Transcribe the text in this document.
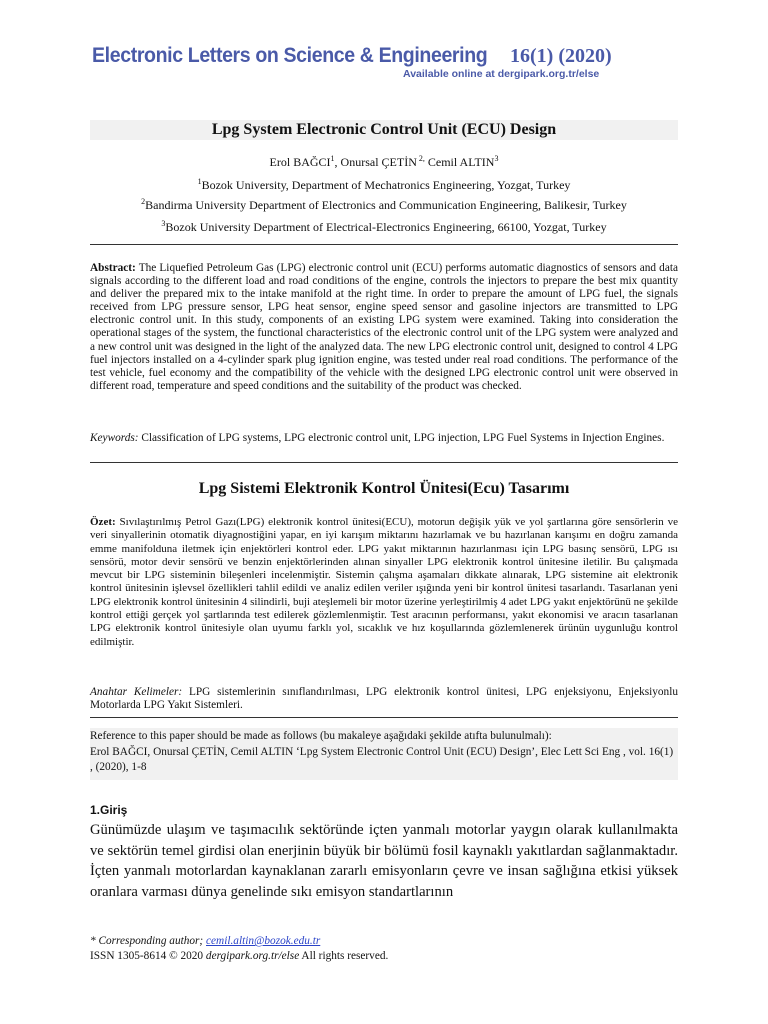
Electronic Letters on Science & Engineering 16(1) (2020)
Available online at dergipark.org.tr/else
Lpg System Electronic Control Unit (ECU) Design
Erol BAĞCI$^1$, Onursal ÇETİN $^{2,}$ Cemil ALTIN$^3$
$^1$Bozok University, Department of Mechatronics Engineering, Yozgat, Turkey
$^2$Bandirma University Department of Electronics and Communication Engineering, Balikesir, Turkey
$^3$Bozok University Department of Electrical-Electronics Engineering, 66100, Yozgat, Turkey
Abstract: The Liquefied Petroleum Gas (LPG) electronic control unit (ECU) performs automatic diagnostics of sensors and data signals according to the different load and road conditions of the engine, controls the injectors to prepare the best mix quantity and deliver the prepared mix to the intake manifold at the right time. In order to prepare the amount of LPG fuel, the signals received from LPG pressure sensor, LPG heat sensor, engine speed sensor and gasoline injectors are transmitted to LPG electronic control unit. In this study, components of an existing LPG system were examined. Taking into consideration the operational stages of the system, the functional characteristics of the electronic control unit of the LPG system were analyzed and a new control unit was designed in the light of the analyzed data. The new LPG electronic control unit, designed to control 4 LPG fuel injectors installed on a 4-cylinder spark plug ignition engine, was tested under real road conditions. The performance of the test vehicle, fuel economy and the compatibility of the vehicle with the designed LPG electronic control unit were observed in different road, temperature and speed conditions and the suitability of the product was checked.
Keywords: Classification of LPG systems, LPG electronic control unit, LPG injection, LPG Fuel Systems in Injection Engines.
Lpg Sistemi Elektronik Kontrol Ünitesi(Ecu) Tasarımı
Özet: Sıvılaştırılmış Petrol Gazı(LPG) elektronik kontrol ünitesi(ECU), motorun değişik yük ve yol şartlarına göre sensörlerin ve veri sinyallerinin otomatik diyagnostiğini yapar, en iyi karışım miktarını hazırlamak ve bu hazırlanan karışımı en doğru zamanda emme manifolduna iletmek için enjektörleri kontrol eder. LPG yakıt miktarının hazırlanması için LPG basınç sensörü, LPG ısı sensörü, motor devir sensörü ve benzin enjektörlerinden alınan sinyaller LPG elektronik kontrol ünitesine iletilir. Bu çalışmada mevcut bir LPG sisteminin bileşenleri incelenmiştir. Sistemin çalışma aşamaları dikkate alınarak, LPG sistemine ait elektronik kontrol ünitesinin işlevsel özellikleri tahlil edildi ve analiz edilen veriler ışığında yeni bir kontrol ünitesi tasarlandı. Tasarlanan yeni LPG elektronik kontrol ünitesinin 4 silindirli, buji ateşlemeli bir motor üzerine yerleştirilmiş 4 adet LPG yakıt enjektörünü ne şekilde kontrol ettiği gerçek yol şartlarında test edilerek gözlemlenmiştir. Test aracının performansı, yakıt ekonomisi ve aracın tasarlanan LPG elektronik kontrol ünitesiyle olan uyumu farklı yol, sıcaklık ve hız koşullarında gözlemlenerek ürünün uygunluğu kontrol edilmiştir.
Anahtar Kelimeler: LPG sistemlerinin sınıflandırılması, LPG elektronik kontrol ünitesi, LPG enjeksiyonu, Enjeksiyonlu Motorlarda LPG Yakıt Sistemleri.
Reference to this paper should be made as follows (bu makaleye aşağıdaki şekilde atıfta bulunulmalı):
Erol BAĞCI, Onursal ÇETİN, Cemil ALTIN ‘Lpg System Electronic Control Unit (ECU) Design’, Elec Lett Sci Eng , vol. 16(1) , (2020), 1-8
1.Giriş
Günümüzde ulaşım ve taşımacılık sektöründe içten yanmalı motorlar yaygın olarak kullanılmakta ve sektörün temel girdisi olan enerjinin büyük bir bölümü fosil kaynaklı yakıtlardan sağlanmaktadır. İçten yanmalı motorlardan kaynaklanan zararlı emisyonların çevre ve insan sağlığına etkisi yüksek oranlara varması dünya genelinde sıkı emisyon standartlarının
* Corresponding author; cemil.altin@bozok.edu.tr
ISSN 1305-8614 © 2020 dergipark.org.tr/else All rights reserved.
